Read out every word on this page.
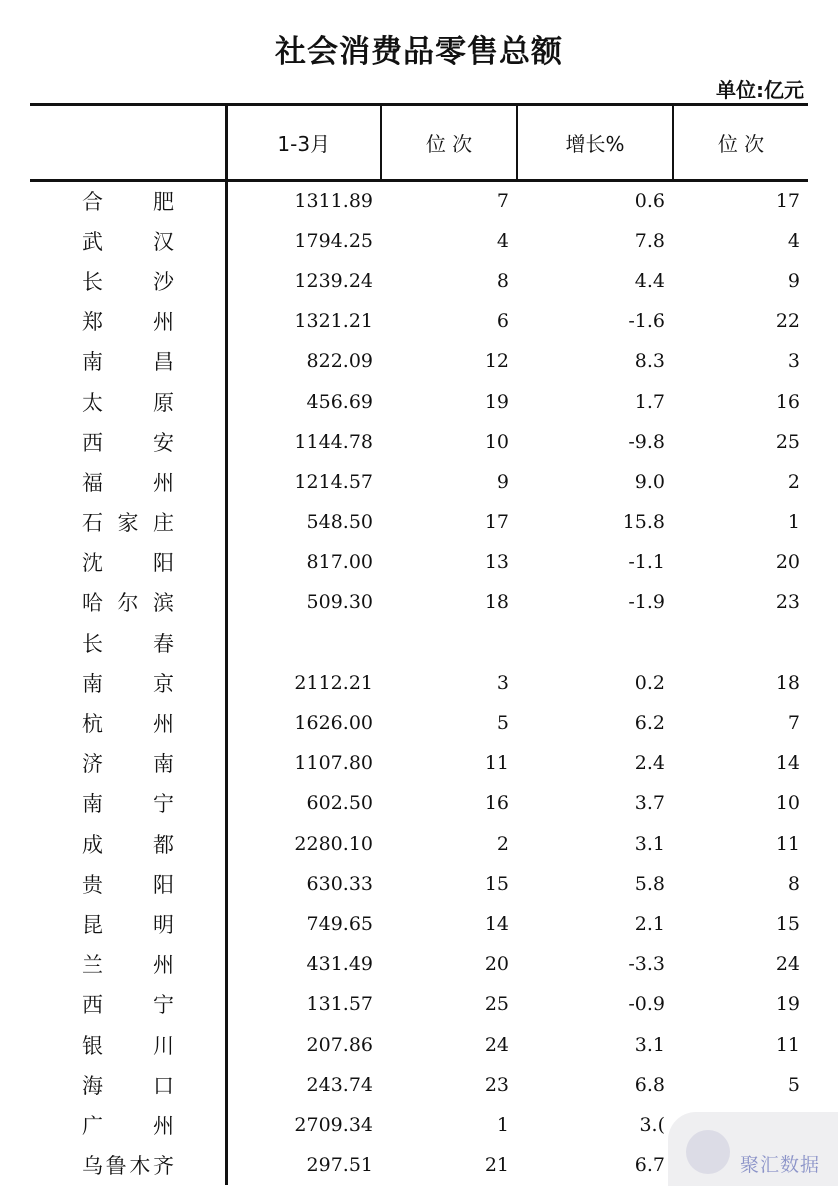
社会消费品零售总额
单位:亿元
	1-3月	位 次	增长%	位 次
合肥	1311.89	7	0.6	17
武汉	1794.25	4	7.8	4
长沙	1239.24	8	4.4	9
郑州	1321.21	6	-1.6	22
南昌	822.09	12	8.3	3
太原	456.69	19	1.7	16
西安	1144.78	10	-9.8	25
福州	1214.57	9	9.0	2
石家庄	548.50	17	15.8	1
沈阳	817.00	13	-1.1	20
哈尔滨	509.30	18	-1.9	23
长春				
南京	2112.21	3	0.2	18
杭州	1626.00	5	6.2	7
济南	1107.80	11	2.4	14
南宁	602.50	16	3.7	10
成都	2280.10	2	3.1	11
贵阳	630.33	15	5.8	8
昆明	749.65	14	2.1	15
兰州	431.49	20	-3.3	24
西宁	131.57	25	-0.9	19
银川	207.86	24	3.1	11
海口	243.74	23	6.8	5
广州	2709.34	1	3.(	
乌鲁木齐	297.51	21	6.7		聚汇数据
